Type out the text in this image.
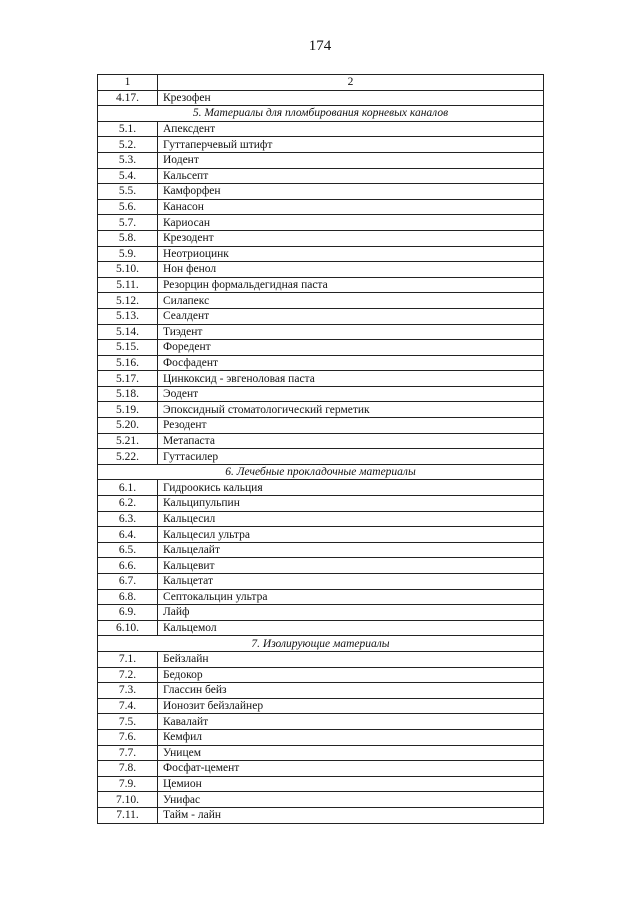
174
1	2
4.17.	Крезофен
5. Материалы для пломбирования корневых каналов	
5.1.	Апексдент
5.2.	Гуттаперчевый штифт
5.3.	Иодент
5.4.	Кальсепт
5.5.	Камфорфен
5.6.	Канасон
5.7.	Кариосан
5.8.	Крезодент
5.9.	Неотриоцинк
5.10.	Нон фенол
5.11.	Резорцин формальдегидная паста
5.12.	Силапекс
5.13.	Сеалдент
5.14.	Тиэдент
5.15.	Форедент
5.16.	Фосфадент
5.17.	Цинкоксид - эвгеноловая паста
5.18.	Эодент
5.19.	Эпоксидный стоматологический герметик
5.20.	Резодент
5.21.	Метапаста
5.22.	Гуттасилер
6. Лечебные прокладочные материалы	
6.1.	Гидроокись кальция
6.2.	Кальципульпин
6.3.	Кальцесил
6.4.	Кальцесил ультра
6.5.	Кальцелайт
6.6.	Кальцевит
6.7.	Кальцетат
6.8.	Септокальцин ультра
6.9.	Лайф
6.10.	Кальцемол
7. Изолирующие материалы	
7.1.	Бейзлайн
7.2.	Бедокор
7.3.	Глассин бейз
7.4.	Ионозит бейзлайнер
7.5.	Кавалайт
7.6.	Кемфил
7.7.	Уницем
7.8.	Фосфат-цемент
7.9.	Цемион
7.10.	Унифас
7.11.	Тайм - лайн
